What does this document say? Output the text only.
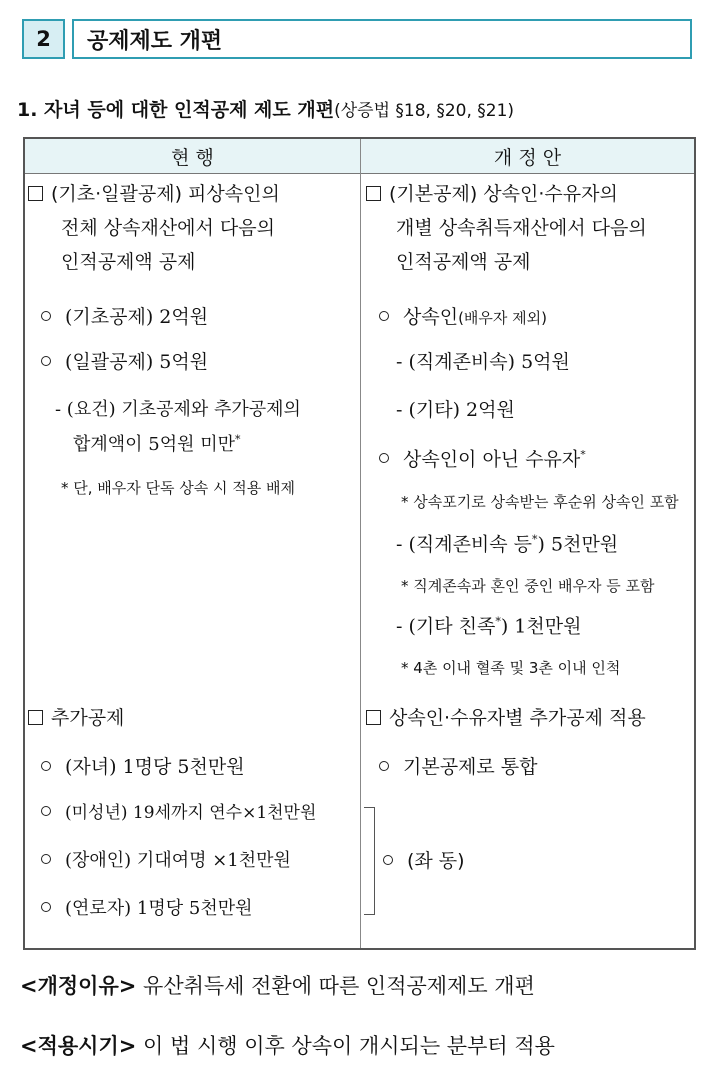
2	공제제도 개편
1. 자녀 등에 대한 인적공제 제도 개편(상증법 §18, §20, §21)
현 행	개 정 안
(기초·일괄공제) 피상속인의
전체 상속재산에서 다음의
인적공제액 공제
(기초공제) 2억원
(일괄공제) 5억원
- (요건) 기초공제와 추가공제의
합계액이 5억원 미만*
* 단, 배우자 단독 상속 시 적용 배제
추가공제
(자녀) 1명당 5천만원
(미성년) 19세까지 연수×1천만원
(장애인) 기대여명 ×1천만원
(연로자) 1명당 5천만원
(기본공제) 상속인·수유자의
개별 상속취득재산에서 다음의
인적공제액 공제
상속인(배우자 제외)
- (직계존비속) 5억원
- (기타) 2억원
상속인이 아닌 수유자*
* 상속포기로 상속받는 후순위 상속인 포함
- (직계존비속 등*) 5천만원
* 직계존속과 혼인 중인 배우자 등 포함
- (기타 친족*) 1천만원
* 4촌 이내 혈족 및 3촌 이내 인척
상속인·수유자별 추가공제 적용
기본공제로 통합
(좌 동)
<개정이유> 유산취득세 전환에 따른 인적공제제도 개편
<적용시기> 이 법 시행 이후 상속이 개시되는 분부터 적용
